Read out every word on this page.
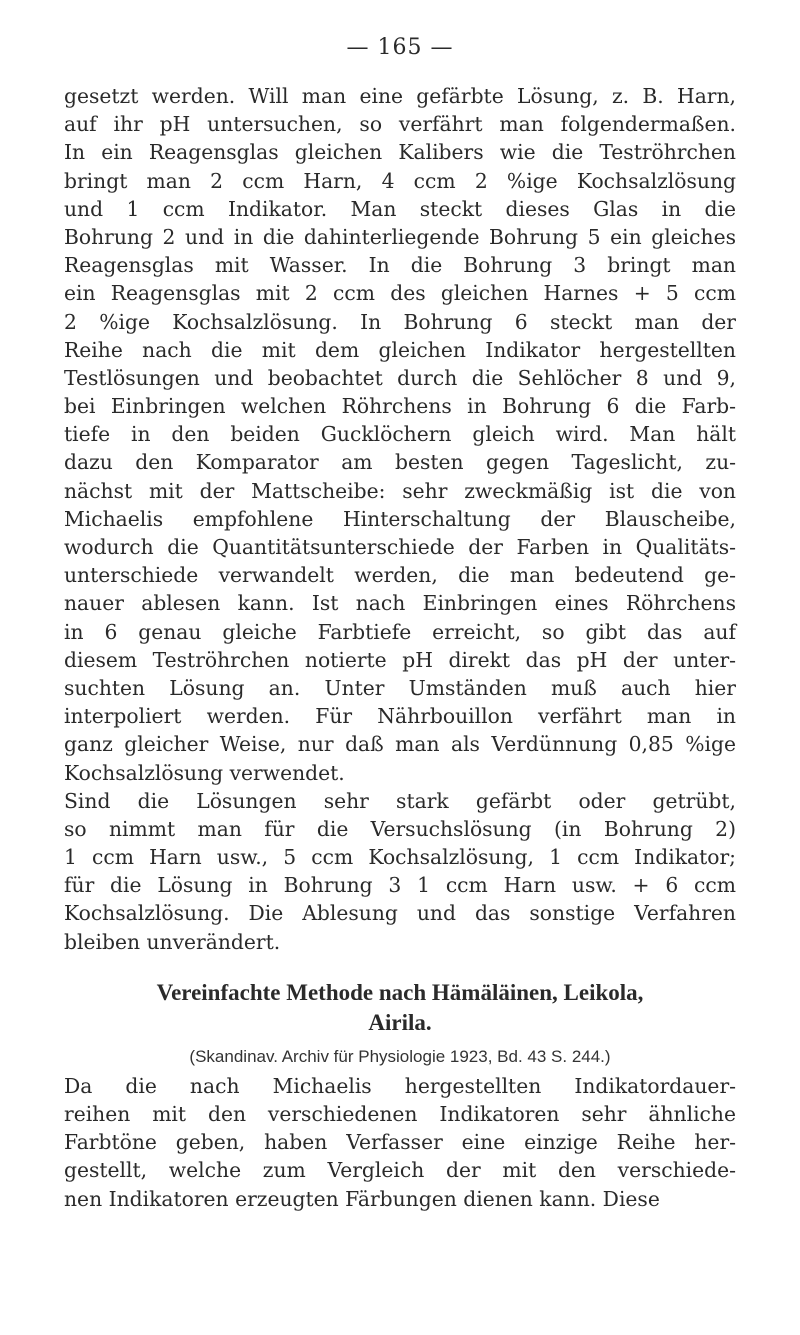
— 165 —
gesetzt werden. Will man eine gefärbte Lösung, z. B. Harn,
auf ihr pH untersuchen, so verfährt man folgendermaßen.
In ein Reagensglas gleichen Kalibers wie die Teströhrchen
bringt man 2 ccm Harn, 4 ccm 2 %ige Kochsalzlösung
und 1 ccm Indikator. Man steckt dieses Glas in die
Bohrung 2 und in die dahinterliegende Bohrung 5 ein gleiches
Reagensglas mit Wasser. In die Bohrung 3 bringt man
ein Reagensglas mit 2 ccm des gleichen Harnes + 5 ccm
2 %ige Kochsalzlösung. In Bohrung 6 steckt man der
Reihe nach die mit dem gleichen Indikator hergestellten
Testlösungen und beobachtet durch die Sehlöcher 8 und 9,
bei Einbringen welchen Röhrchens in Bohrung 6 die Farb-
tiefe in den beiden Gucklöchern gleich wird. Man hält
dazu den Komparator am besten gegen Tageslicht, zu-
nächst mit der Mattscheibe: sehr zweckmäßig ist die von
Michaelis empfohlene Hinterschaltung der Blauscheibe,
wodurch die Quantitätsunterschiede der Farben in Qualitäts-
unterschiede verwandelt werden, die man bedeutend ge-
nauer ablesen kann. Ist nach Einbringen eines Röhrchens
in 6 genau gleiche Farbtiefe erreicht, so gibt das auf
diesem Teströhrchen notierte pH direkt das pH der unter-
suchten Lösung an. Unter Umständen muß auch hier
interpoliert werden. Für Nährbouillon verfährt man in
ganz gleicher Weise, nur daß man als Verdünnung 0,85 %ige
Kochsalzlösung verwendet.
Sind die Lösungen sehr stark gefärbt oder getrübt,
so nimmt man für die Versuchslösung (in Bohrung 2)
1 ccm Harn usw., 5 ccm Kochsalzlösung, 1 ccm Indikator;
für die Lösung in Bohrung 3 1 ccm Harn usw. + 6 ccm
Kochsalzlösung. Die Ablesung und das sonstige Verfahren
bleiben unverändert.
Vereinfachte Methode nach Hämäläinen, Leikola,
Airila.
(Skandinav. Archiv für Physiologie 1923, Bd. 43 S. 244.)
Da die nach Michaelis hergestellten Indikatordauer-
reihen mit den verschiedenen Indikatoren sehr ähnliche
Farbtöne geben, haben Verfasser eine einzige Reihe her-
gestellt, welche zum Vergleich der mit den verschiede-
nen Indikatoren erzeugten Färbungen dienen kann. Diese
